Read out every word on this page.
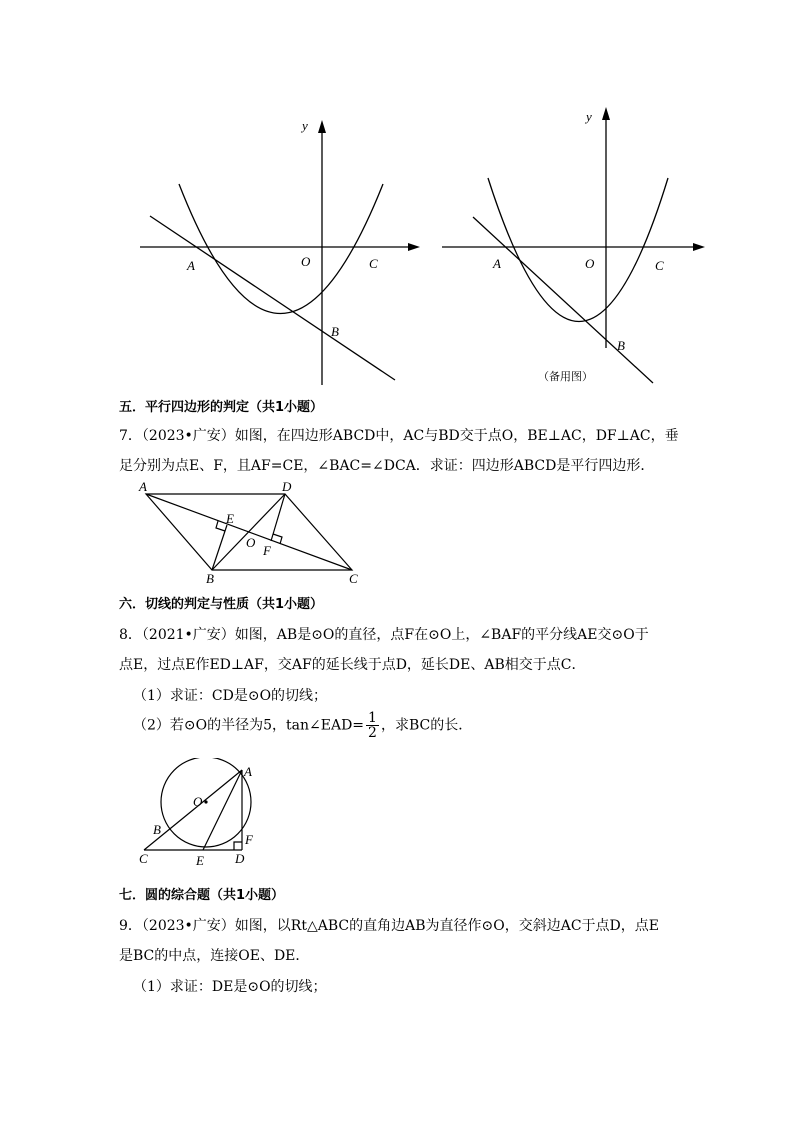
y
A	O	C
B
y
A	O	C
B
（备用图）
五．平行四边形的判定（共1小题）
7．（2023•广安）如图，在四边形ABCD中，AC与BD交于点O，BE⊥AC，DF⊥AC，垂
足分别为点E、F，且AF=CE，∠BAC=∠DCA．求证：四边形ABCD是平行四边形．
A	D
E
O
F
B	C
六．切线的判定与性质（共1小题）
8．（2021•广安）如图，AB是⊙O的直径，点F在⊙O上，∠BAF的平分线AE交⊙O于
点E，过点E作ED⊥AF，交AF的延长线于点D，延长DE、AB相交于点C．
（1）求证：CD是⊙O的切线；
（2）若⊙O的半径为5，tan∠EAD= $\frac{1}{2}$ ，求BC的长．
A
O
B
F
C	E D
七．圆的综合题（共1小题）
9．（2023•广安）如图，以Rt△ABC的直角边AB为直径作⊙O，交斜边AC于点D，点E
是BC的中点，连接OE、DE．
（1）求证：DE是⊙O的切线；
